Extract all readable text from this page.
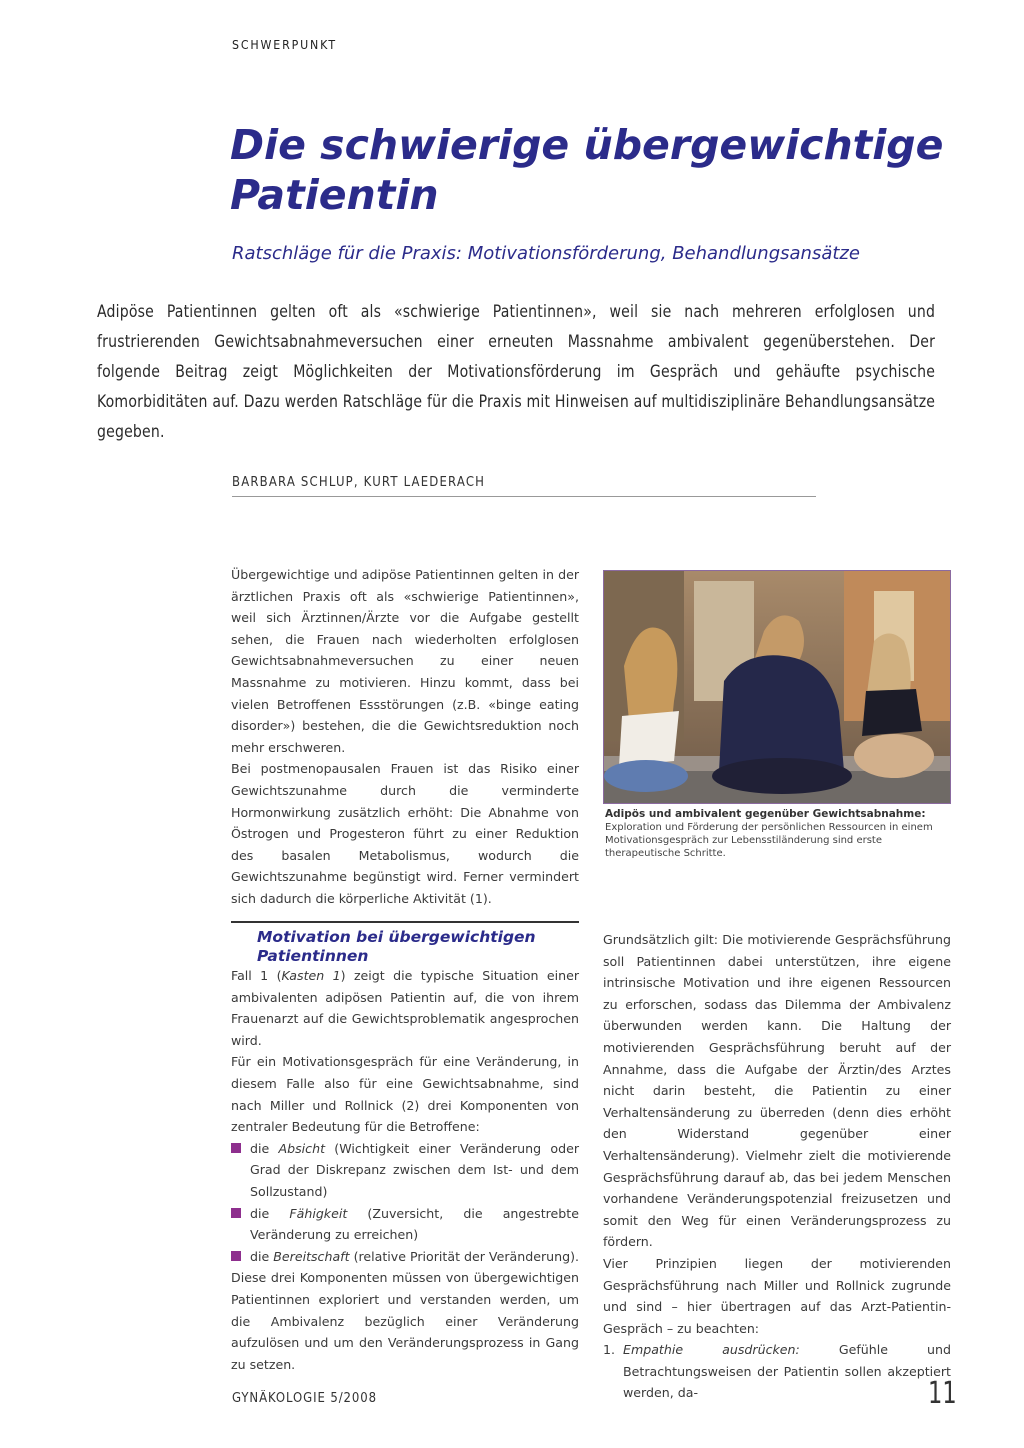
SCHWERPUNKT
Die schwierige übergewichtige
Patientin
Ratschläge für die Praxis: Motivationsförderung, Behandlungsansätze
Adipöse Patientinnen gelten oft als «schwierige Patientinnen», weil sie nach mehreren erfolglosen und frustrierenden Gewichtsabnahmeversuchen einer erneuten Massnahme ambivalent gegenüberstehen. Der folgende Beitrag zeigt Möglichkeiten der Motivationsförderung im Gespräch und gehäufte psychische Komorbiditäten auf. Dazu werden Ratschläge für die Praxis mit Hinweisen auf multidisziplinäre Behandlungsansätze gegeben.
BARBARA SCHLUP, KURT LAEDERACH

Übergewichtige und adipöse Patientinnen gelten in der ärztlichen Praxis oft als «schwierige Patientinnen», weil sich Ärztinnen/Ärzte vor die Aufgabe gestellt sehen, die Frauen nach wiederholten erfolglosen Gewichtsabnahmeversuchen zu einer neuen Massnahme zu motivieren. Hinzu kommt, dass bei vielen Betroffenen Essstörungen (z.B. «binge eating disorder») bestehen, die die Gewichtsreduktion noch mehr erschweren.

Bei postmenopausalen Frauen ist das Risiko einer Gewichtszunahme durch die verminderte Hormonwirkung zusätzlich erhöht: Die Abnahme von Östrogen und Progesteron führt zu einer Reduktion des basalen Metabolismus, wodurch die Gewichtszunahme begünstigt wird. Ferner vermindert sich dadurch die körperliche Aktivität (1).

Adipös und ambivalent gegenüber Gewichtsabnahme:
Exploration und Förderung der persönlichen Ressourcen in einem Motivationsgespräch zur Lebensstiländerung sind erste therapeutische Schritte.
Motivation bei übergewichtigen Patientinnen

Fall 1 (Kasten 1) zeigt die typische Situation einer ambivalenten adipösen Patientin auf, die von ihrem Frauenarzt auf die Gewichtsproblematik angesprochen wird.

Für ein Motivationsgespräch für eine Veränderung, in diesem Falle also für eine Gewichtsabnahme, sind nach Miller und Rollnick (2) drei Komponenten von zentraler Bedeutung für die Betroffene:

die Absicht (Wichtigkeit einer Veränderung oder Grad der Diskrepanz zwischen dem Ist- und dem Sollzustand)
die Fähigkeit (Zuversicht, die angestrebte Veränderung zu erreichen)
die Bereitschaft (relative Priorität der Veränderung).

Diese drei Komponenten müssen von übergewichtigen Patientinnen exploriert und verstanden werden, um die Ambivalenz bezüglich einer Veränderung aufzulösen und um den Veränderungsprozess in Gang zu setzen.

Grundsätzlich gilt: Die motivierende Gesprächsführung soll Patientinnen dabei unterstützen, ihre eigene intrinsische Motivation und ihre eigenen Ressourcen zu erforschen, sodass das Dilemma der Ambivalenz überwunden werden kann. Die Haltung der motivierenden Gesprächsführung beruht auf der Annahme, dass die Aufgabe der Ärztin/des Arztes nicht darin besteht, die Patientin zu einer Verhaltensänderung zu überreden (denn dies erhöht den Widerstand gegenüber einer Verhaltensänderung). Vielmehr zielt die motivierende Gesprächsführung darauf ab, das bei jedem Menschen vorhandene Veränderungspotenzial freizusetzen und somit den Weg für einen Veränderungsprozess zu fördern.

Vier Prinzipien liegen der motivierenden Gesprächsführung nach Miller und Rollnick zugrunde und sind – hier übertragen auf das Arzt-Patientin-Gespräch – zu beachten:

1. Empathie ausdrücken: Gefühle und Betrachtungsweisen der Patientin sollen akzeptiert werden, da-
GYNÄKOLOGIE 5/2008	11
